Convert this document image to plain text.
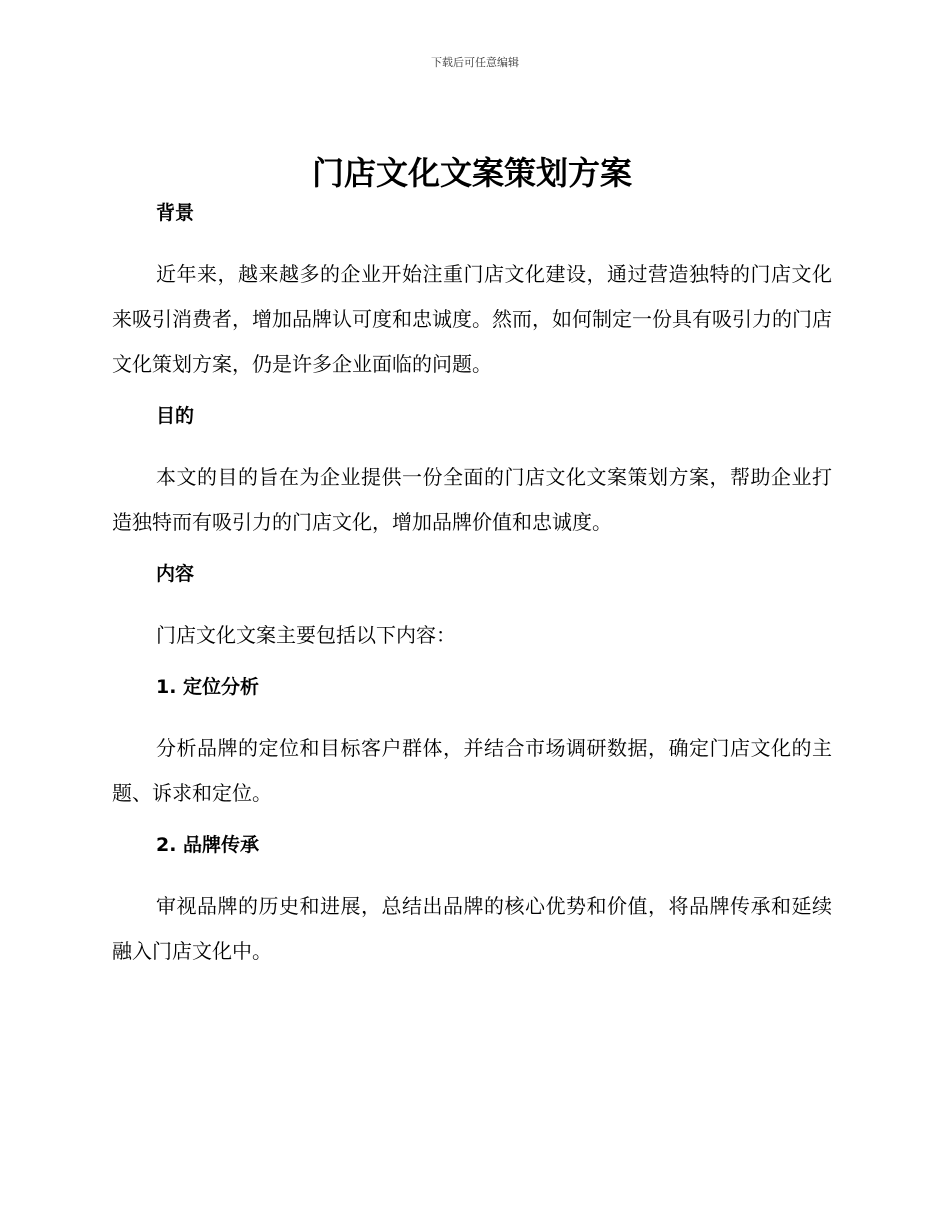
下载后可任意编辑
门店文化文案策划方案
背景

近年来，越来越多的企业开始注重门店文化建设，通过营造独特的门店文化来吸引消费者，增加品牌认可度和忠诚度。然而，如何制定一份具有吸引力的门店文化策划方案，仍是许多企业面临的问题。

目的

本文的目的旨在为企业提供一份全面的门店文化文案策划方案，帮助企业打造独特而有吸引力的门店文化，增加品牌价值和忠诚度。

内容

门店文化文案主要包括以下内容：

1. 定位分析

分析品牌的定位和目标客户群体，并结合市场调研数据，确定门店文化的主题、诉求和定位。

2. 品牌传承

审视品牌的历史和进展，总结出品牌的核心优势和价值，将品牌传承和延续融入门店文化中。
